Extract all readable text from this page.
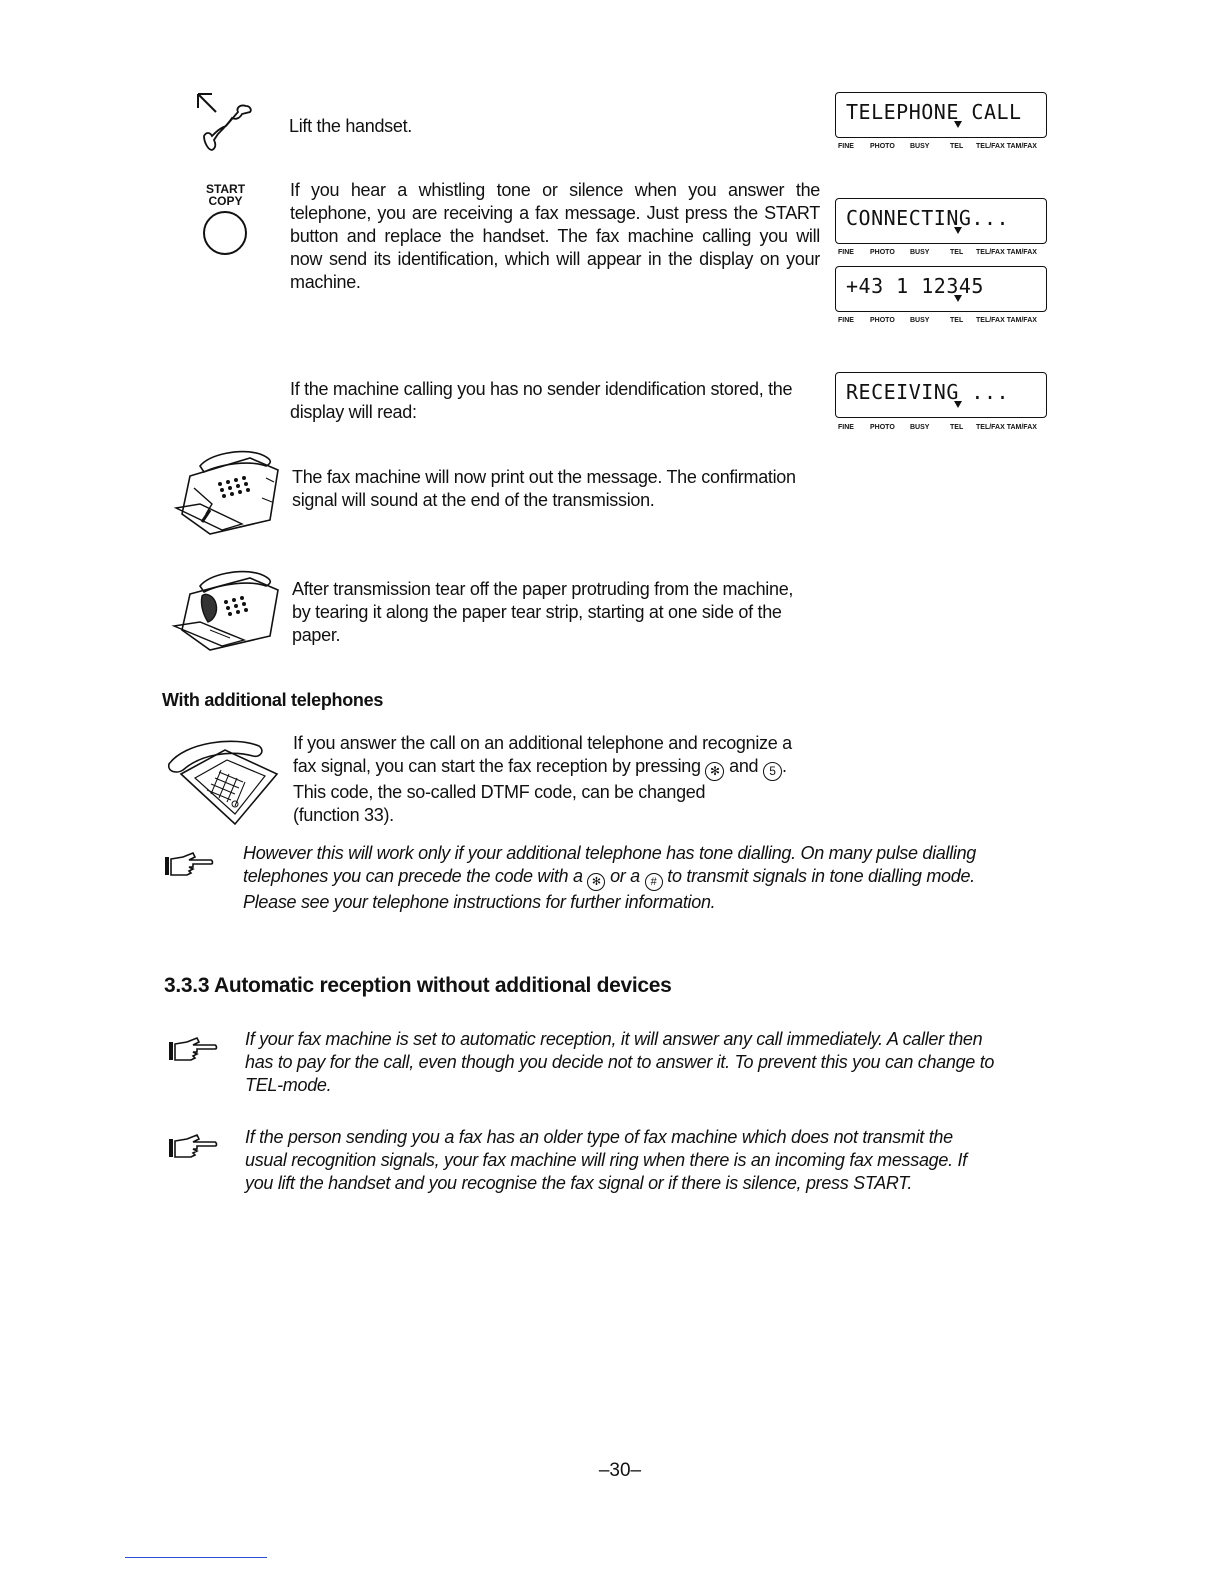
Lift the handset.
START
COPY
If you hear a whistling tone or silence when you answer the
telephone, you are receiving a fax message. Just press the START
button and replace the handset. The fax machine calling you will
now send its identification, which will appear in the display on your
machine.
TELEPHONE CALL
FINE PHOTO BUSY	TEL TEL/FAX TAM/FAX
CONNECTING...
FINE PHOTO BUSY	TEL TEL/FAX TAM/FAX
+43 1 12345
FINE PHOTO BUSY	TEL TEL/FAX TAM/FAX
RECEIVING ...
FINE PHOTO BUSY	TEL TEL/FAX TAM/FAX
If the machine calling you has no sender idendification stored, the
display will read:
The fax machine will now print out the message. The confirmation
signal will sound at the end of the transmission.
After transmission tear off the paper protruding from the machine,
by tearing it along the paper tear strip, starting at one side of the
paper.
With additional telephones
If you answer the call on an additional telephone and recognize a
fax signal, you can start the fax reception by pressing ✻ and 5 .
This code, the so-called DTMF code, can be changed
(function 33).
However this will work only if your additional telephone has tone dialling. On many pulse dialling
telephones you can precede the code with a ✻ or a # to transmit signals in tone dialling mode.
Please see your telephone instructions for further information.
3.3.3 Automatic reception without additional devices
If your fax machine is set to automatic reception, it will answer any call immediately. A caller then
has to pay for the call, even though you decide not to answer it. To prevent this you can change to
TEL-mode.
If the person sending you a fax has an older type of fax machine which does not transmit the
usual recognition signals, your fax machine will ring when there is an incoming fax message. If
you lift the handset and you recognise the fax signal or if there is silence, press START.
–30–
